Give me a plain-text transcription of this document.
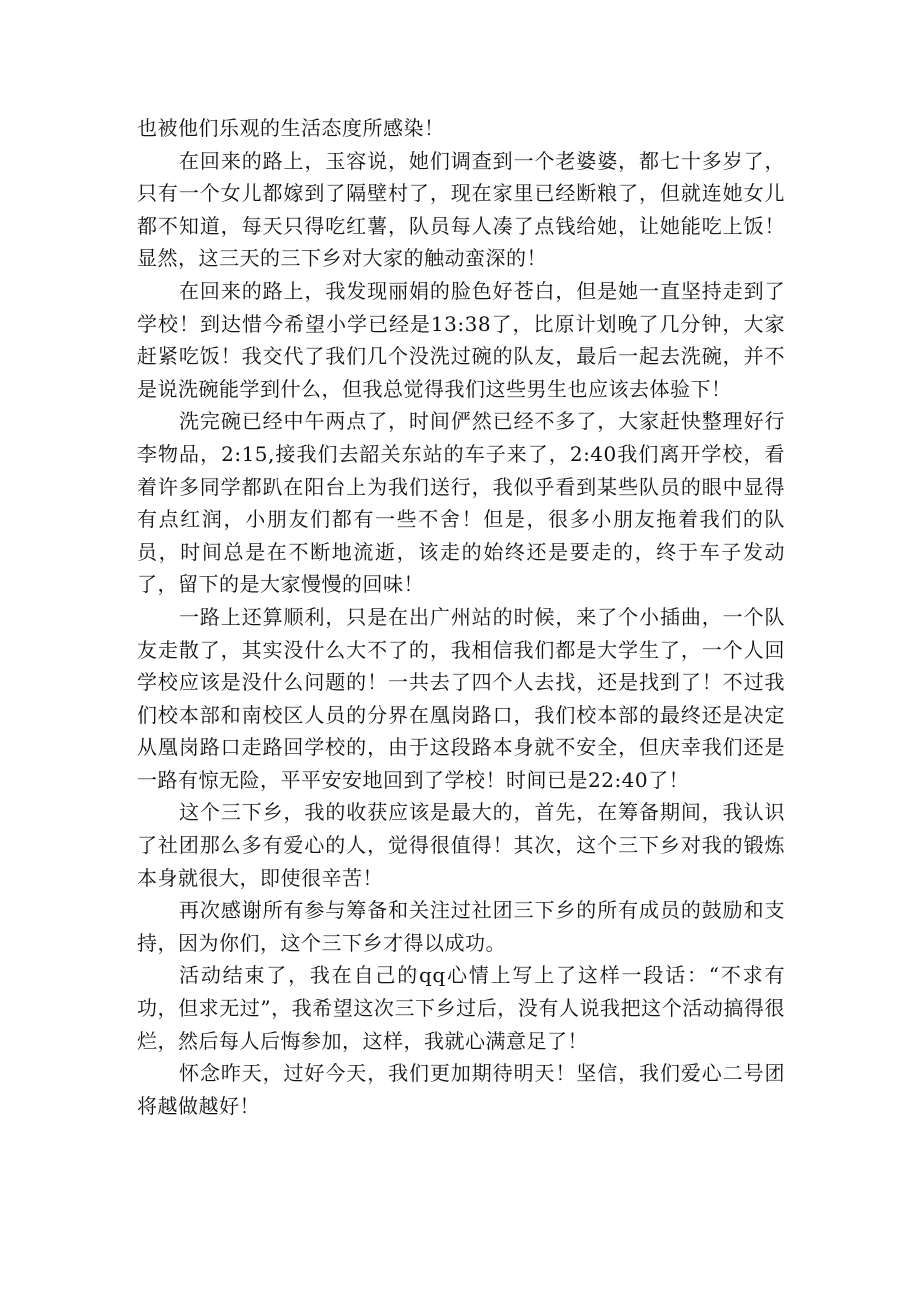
也被他们乐观的生活态度所感染！

在回来的路上，玉容说，她们调查到一个老婆婆，都七十多岁了，只有一个女儿都嫁到了隔壁村了，现在家里已经断粮了，但就连她女儿都不知道，每天只得吃红薯，队员每人凑了点钱给她，让她能吃上饭！显然，这三天的三下乡对大家的触动蛮深的！

在回来的路上，我发现丽娟的脸色好苍白，但是她一直坚持走到了学校！到达惜今希望小学已经是13:38了，比原计划晚了几分钟，大家赶紧吃饭！我交代了我们几个没洗过碗的队友，最后一起去洗碗，并不是说洗碗能学到什么，但我总觉得我们这些男生也应该去体验下！

洗完碗已经中午两点了，时间俨然已经不多了，大家赶快整理好行李物品，2:15,接我们去韶关东站的车子来了，2:40我们离开学校，看着许多同学都趴在阳台上为我们送行，我似乎看到某些队员的眼中显得有点红润，小朋友们都有一些不舍！但是，很多小朋友拖着我们的队员，时间总是在不断地流逝，该走的始终还是要走的，终于车子发动了，留下的是大家慢慢的回味！

一路上还算顺利，只是在出广州站的时候，来了个小插曲，一个队友走散了，其实没什么大不了的，我相信我们都是大学生了，一个人回学校应该是没什么问题的！一共去了四个人去找，还是找到了！不过我们校本部和南校区人员的分界在凰岗路口，我们校本部的最终还是决定从凰岗路口走路回学校的，由于这段路本身就不安全，但庆幸我们还是一路有惊无险，平平安安地回到了学校！时间已是22:40了！

这个三下乡，我的收获应该是最大的，首先，在筹备期间，我认识了社团那么多有爱心的人，觉得很值得！其次，这个三下乡对我的锻炼本身就很大，即使很辛苦！

再次感谢所有参与筹备和关注过社团三下乡的所有成员的鼓励和支持，因为你们，这个三下乡才得以成功。

活动结束了，我在自己的qq心情上写上了这样一段话：“不求有功，但求无过”，我希望这次三下乡过后，没有人说我把这个活动搞得很烂，然后每人后悔参加，这样，我就心满意足了！

怀念昨天，过好今天，我们更加期待明天！坚信，我们爱心二号团将越做越好！
